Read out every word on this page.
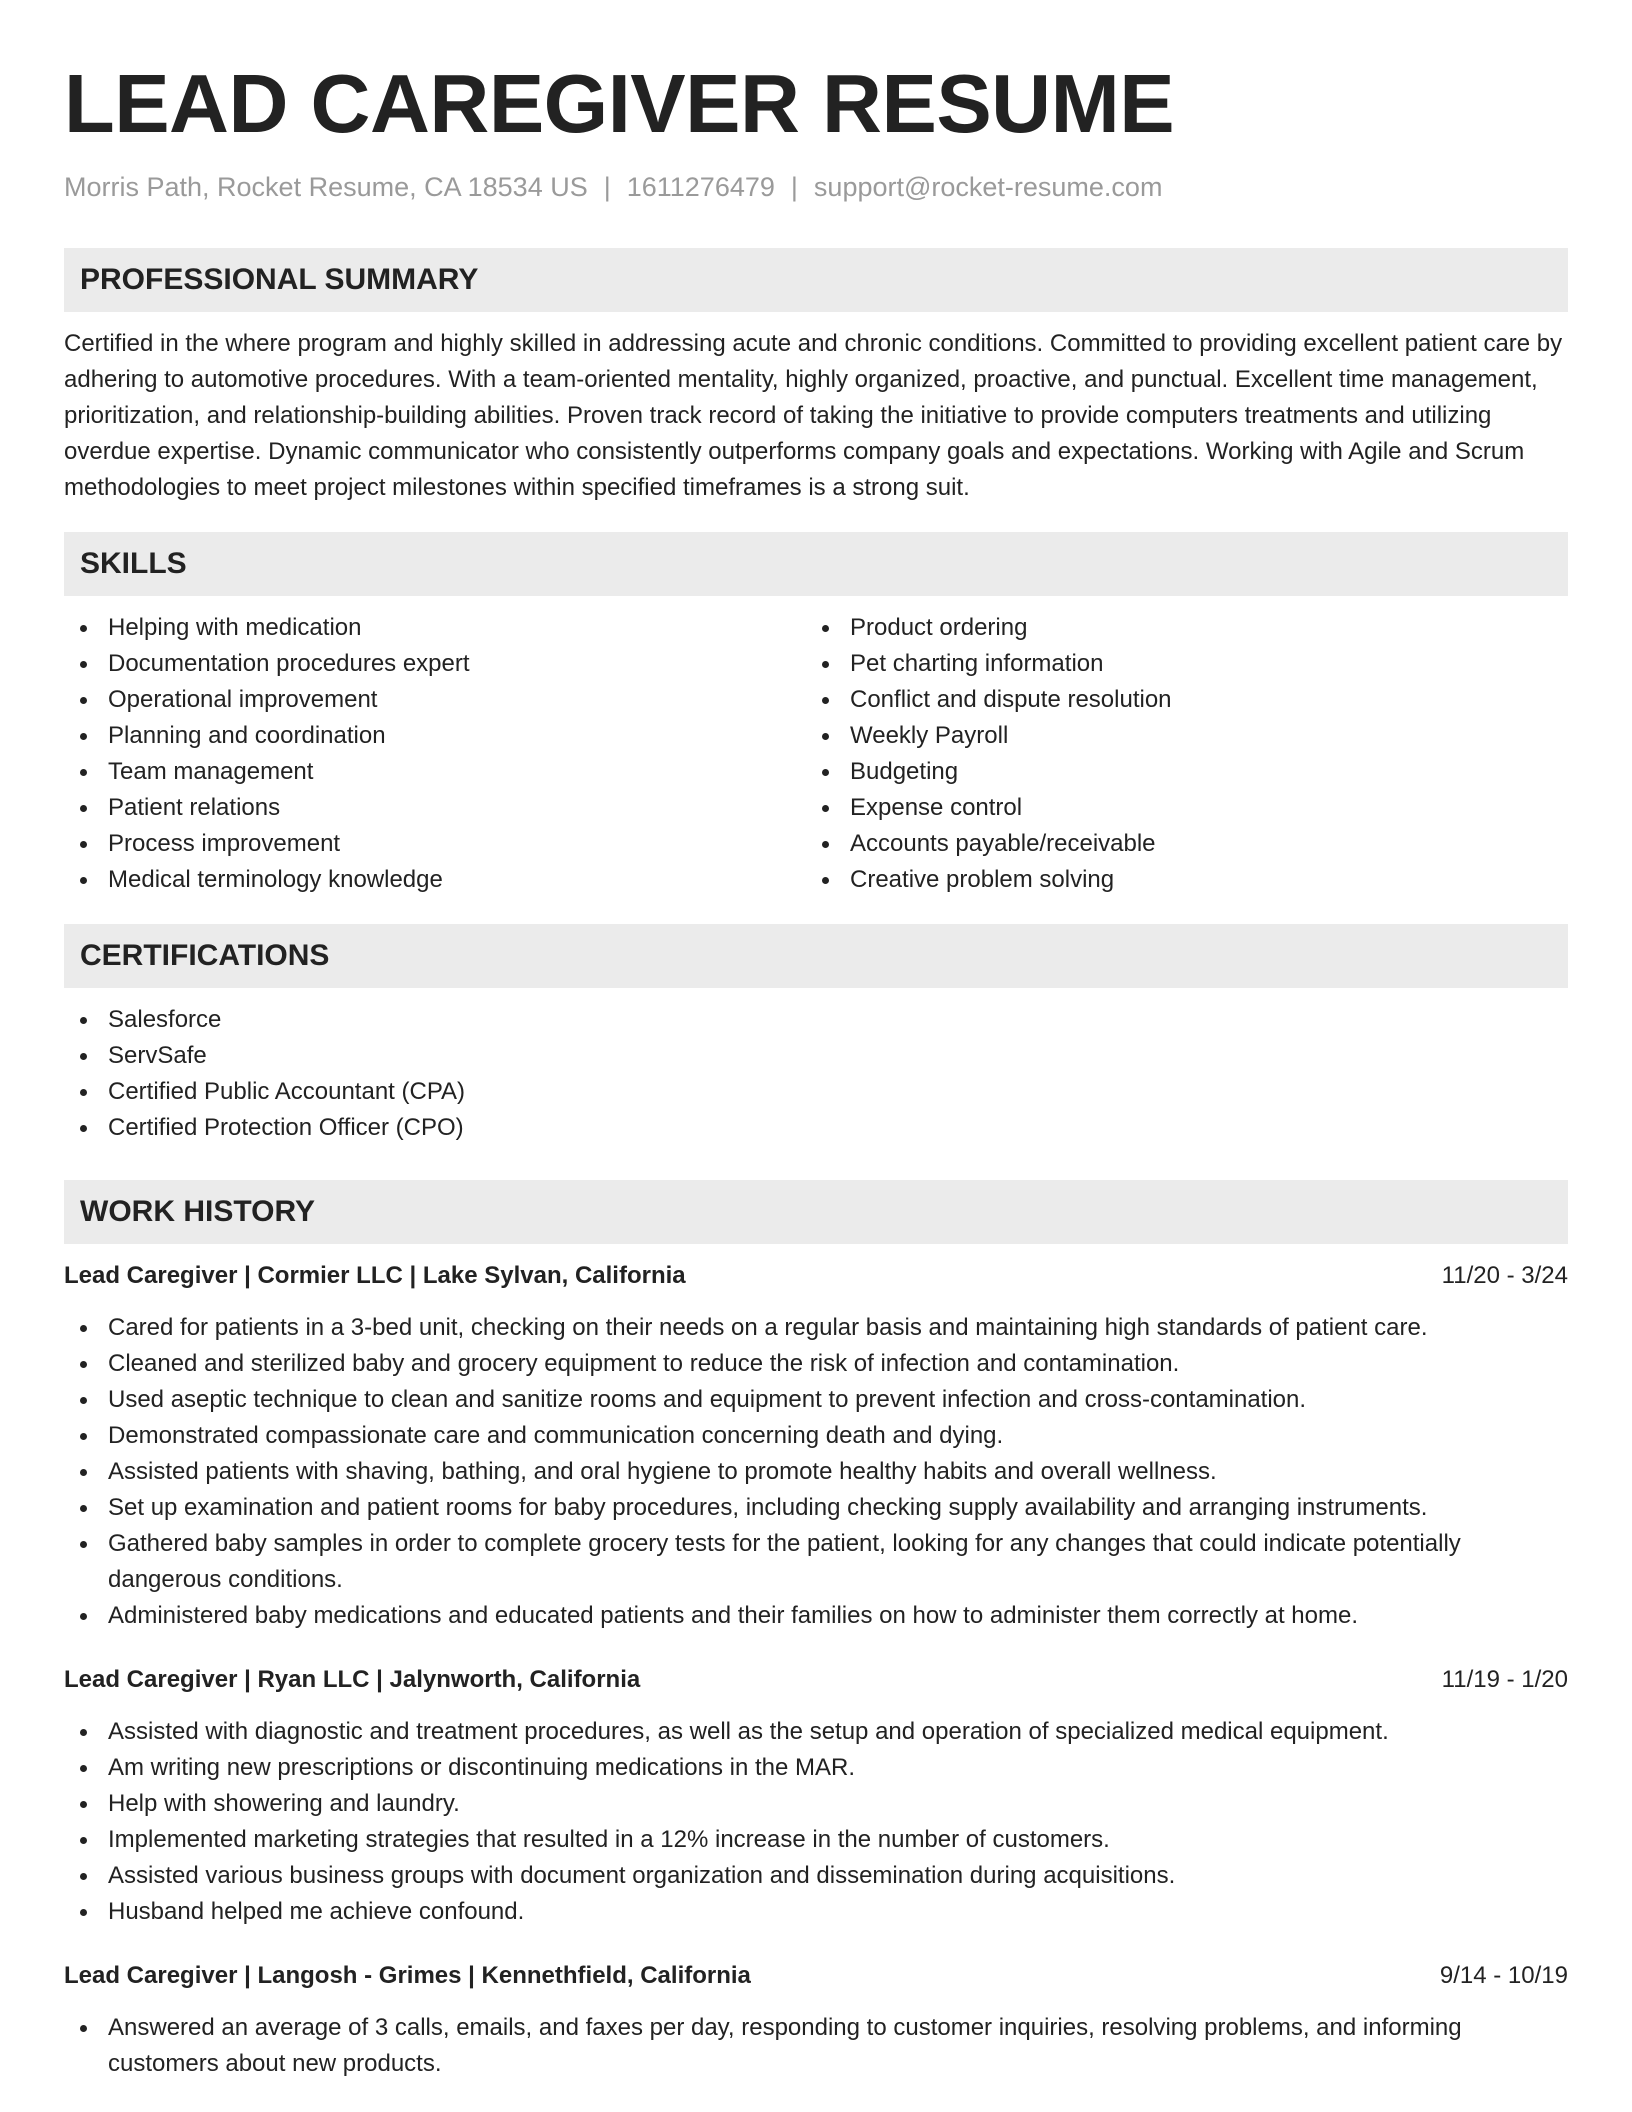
LEAD CAREGIVER RESUME
Morris Path, Rocket Resume, CA 18534 US | 1611276479 | support@rocket-resume.com
PROFESSIONAL SUMMARY

Certified in the where program and highly skilled in addressing acute and chronic conditions. Committed to providing excellent patient care by adhering to automotive procedures. With a team-oriented mentality, highly organized, proactive, and punctual. Excellent time management, prioritization, and relationship-building abilities. Proven track record of taking the initiative to provide computers treatments and utilizing overdue expertise. Dynamic communicator who consistently outperforms company goals and expectations. Working with Agile and Scrum methodologies to meet project milestones within specified timeframes is a strong suit.

SKILLS
Helping with medication
Documentation procedures expert
Operational improvement
Planning and coordination
Team management
Patient relations
Process improvement
Medical terminology knowledge
Product ordering
Pet charting information
Conflict and dispute resolution
Weekly Payroll
Budgeting
Expense control
Accounts payable/receivable
Creative problem solving
CERTIFICATIONS
Salesforce
ServSafe
Certified Public Accountant (CPA)
Certified Protection Officer (CPO)
WORK HISTORY
Lead Caregiver | Cormier LLC | Lake Sylvan, California	11/20 - 3/24
Cared for patients in a 3-bed unit, checking on their needs on a regular basis and maintaining high standards of patient care.
Cleaned and sterilized baby and grocery equipment to reduce the risk of infection and contamination.
Used aseptic technique to clean and sanitize rooms and equipment to prevent infection and cross-contamination.
Demonstrated compassionate care and communication concerning death and dying.
Assisted patients with shaving, bathing, and oral hygiene to promote healthy habits and overall wellness.
Set up examination and patient rooms for baby procedures, including checking supply availability and arranging instruments.
Gathered baby samples in order to complete grocery tests for the patient, looking for any changes that could indicate potentially dangerous conditions.
Administered baby medications and educated patients and their families on how to administer them correctly at home.
Lead Caregiver | Ryan LLC | Jalynworth, California	11/19 - 1/20
Assisted with diagnostic and treatment procedures, as well as the setup and operation of specialized medical equipment.
Am writing new prescriptions or discontinuing medications in the MAR.
Help with showering and laundry.
Implemented marketing strategies that resulted in a 12% increase in the number of customers.
Assisted various business groups with document organization and dissemination during acquisitions.
Husband helped me achieve confound.
Lead Caregiver | Langosh - Grimes | Kennethfield, California	9/14 - 10/19
Answered an average of 3 calls, emails, and faxes per day, responding to customer inquiries, resolving problems, and informing customers about new products.
